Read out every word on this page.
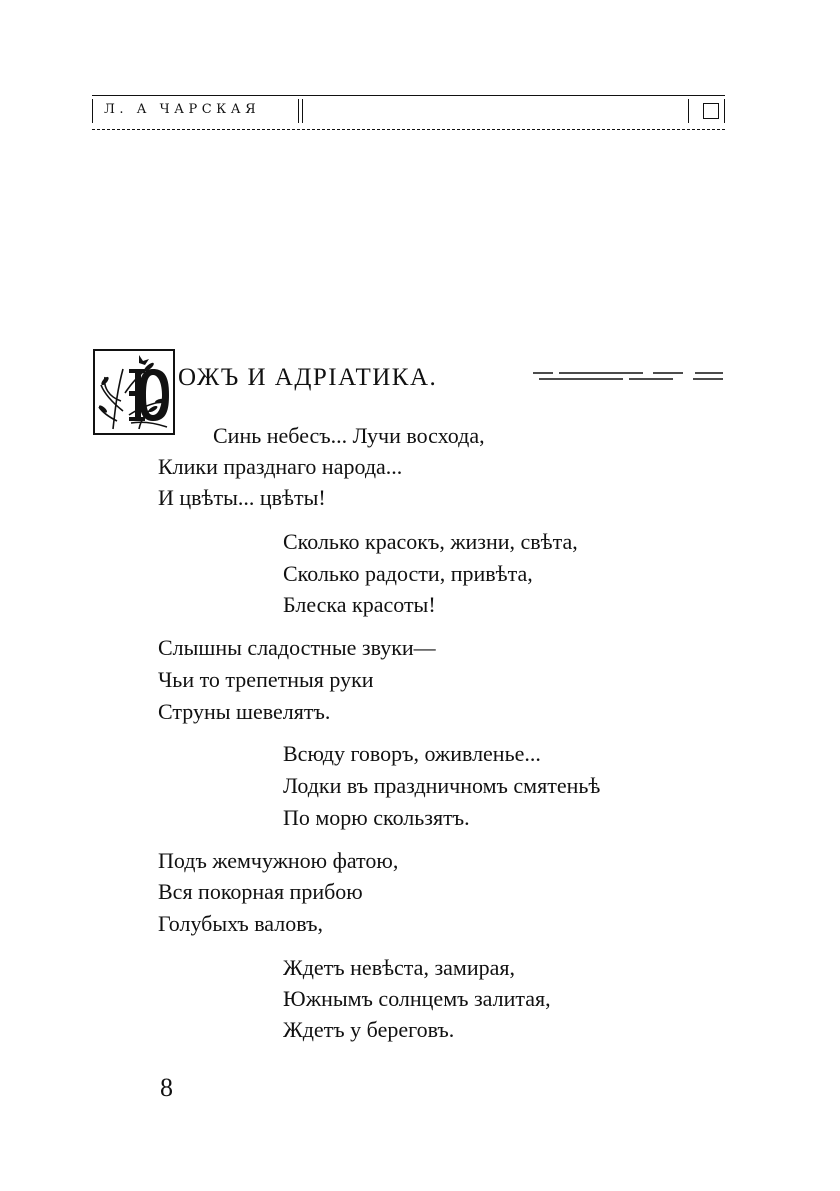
Л. А ЧАРСКАЯ
ОЖЪ И АДРIАТИКА.
Синь небесъ... Лучи восхода,
Клики празднаго народа...
И цвѣты... цвѣты!
Сколько красокъ, жизни, свѣта,
Сколько радости, привѣта,
Блеска красоты!
Слышны сладостные звуки—
Чьи то трепетныя руки
Струны шевелятъ.
Всюду говоръ, оживленье...
Лодки въ праздничномъ смятеньѣ
По морю скользятъ.
Подъ жемчужною фатою,
Вся покорная прибою
Голубыхъ валовъ,
Ждетъ невѣста, замирая,
Южнымъ солнцемъ залитая,
Ждетъ у береговъ.
8
